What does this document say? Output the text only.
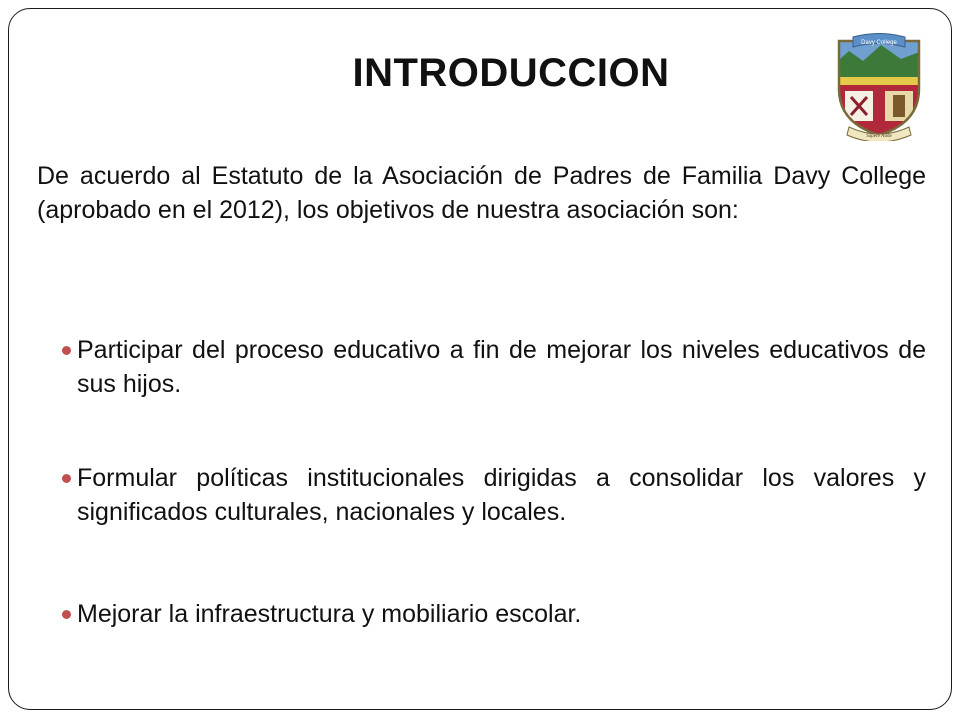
INTRODUCCION
Davy College
Sapere Aude

De acuerdo al Estatuto de la Asociación de Padres de Familia Davy College (aprobado en el 2012), los objetivos de nuestra asociación son:

Participar del proceso educativo a fin de mejorar los niveles educativos de sus hijos.
Formular políticas institucionales dirigidas a consolidar los valores y significados culturales, nacionales y locales.
Mejorar la infraestructura y mobiliario escolar.
